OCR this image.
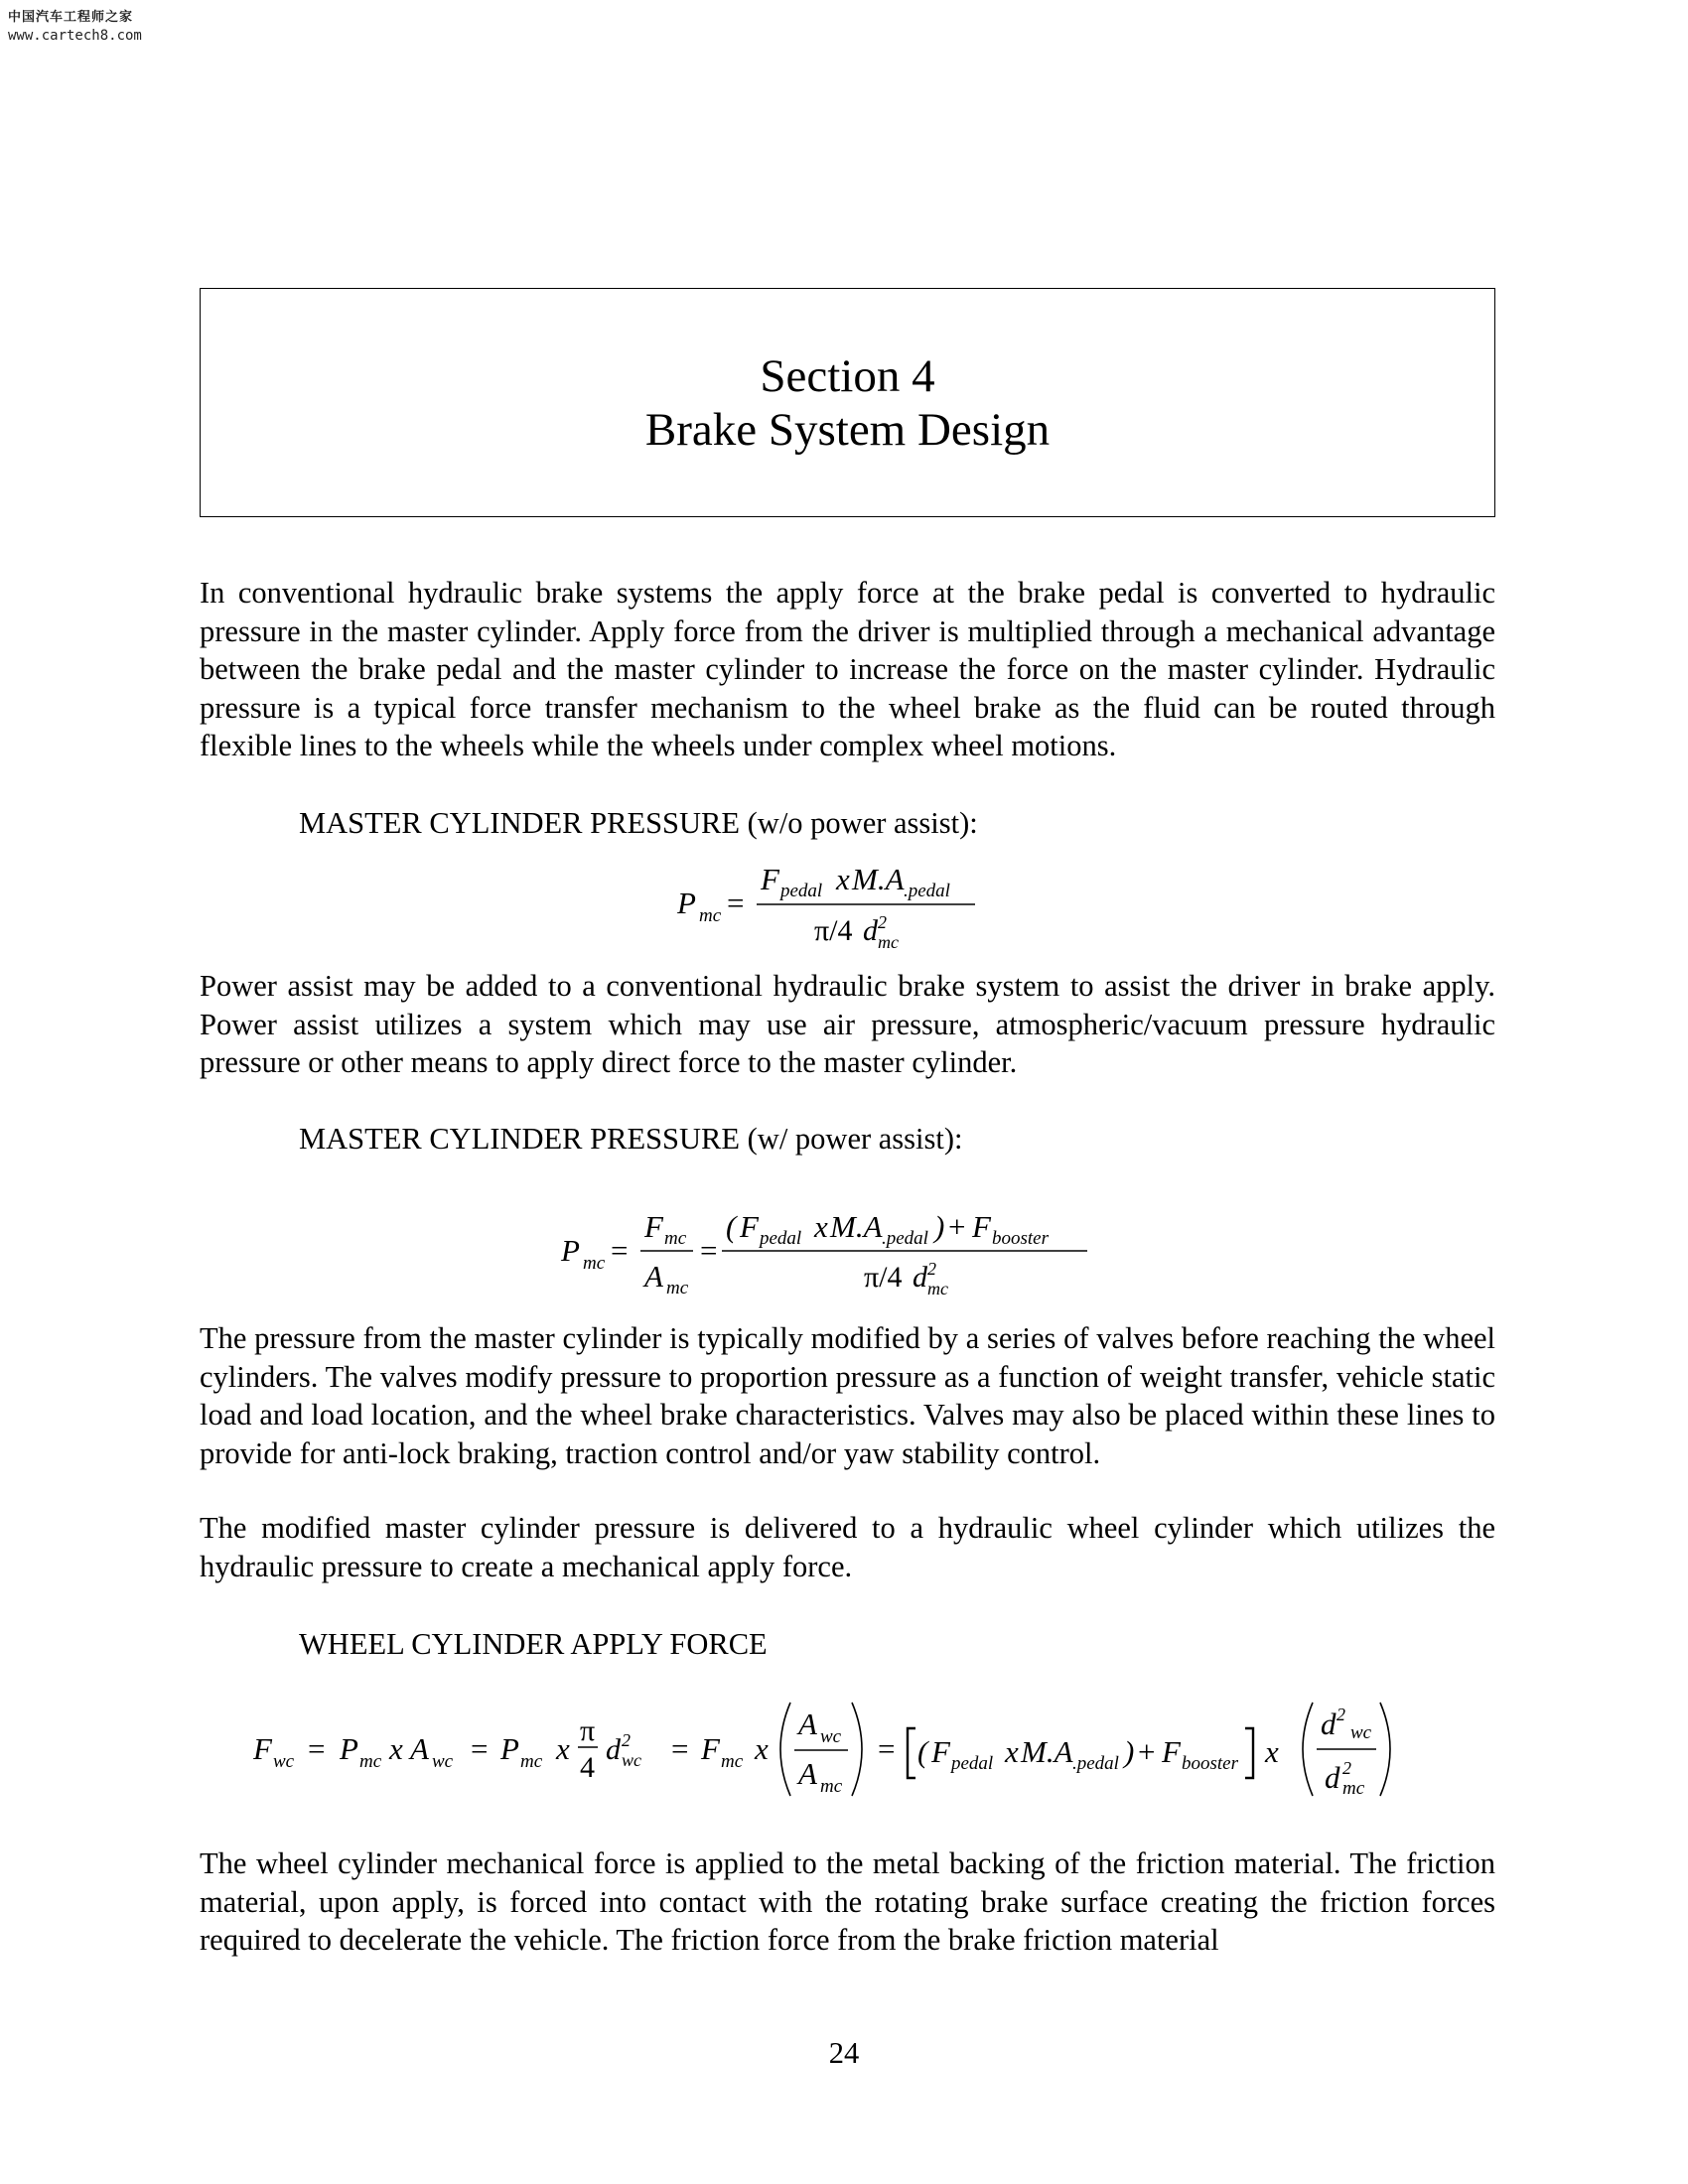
中国汽车工程师之家
www.cartech8.com
Section 4
Brake System Design

In conventional hydraulic brake systems the apply force at the brake pedal is converted to hydraulic pressure in the master cylinder. Apply force from the driver is multiplied through a mechanical advantage between the brake pedal and the master cylinder to increase the force on the master cylinder. Hydraulic pressure is a typical force transfer mechanism to the wheel brake as the fluid can be routed through flexible lines to the wheels while the wheels under complex wheel motions.

MASTER CYLINDER PRESSURE (w/o power assist):

P mc =
F pedal x M.A .pedal
π/4 d 2
mc

Power assist may be added to a conventional hydraulic brake system to assist the driver in brake apply. Power assist utilizes a system which may use air pressure, atmospheric/vacuum pressure hydraulic pressure or other means to apply direct force to the master cylinder.

MASTER CYLINDER PRESSURE (w/ power assist):

P mc =
F mc
A mc
=
( F pedal x M.A .pedal ) + F booster
π/4 d 2
mc

The pressure from the master cylinder is typically modified by a series of valves before reaching the wheel cylinders. The valves modify pressure to proportion pressure as a function of weight transfer, vehicle static load and load location, and the wheel brake characteristics. Valves may also be placed within these lines to provide for anti-lock braking, traction control and/or yaw stability control.

The modified master cylinder pressure is delivered to a hydraulic wheel cylinder which utilizes the hydraulic pressure to create a mechanical apply force.

WHEEL CYLINDER APPLY FORCE

F wc = P mc x A wc = P mc x
π
4
d 2
wc = F mc x
A wc
A mc
= ( F pedal x M.A .pedal ) + F booster x
d 2
wc
d 2
mc

The wheel cylinder mechanical force is applied to the metal backing of the friction material. The friction material, upon apply, is forced into contact with the rotating brake surface creating the friction forces required to decelerate the vehicle. The friction force from the brake friction material

24
